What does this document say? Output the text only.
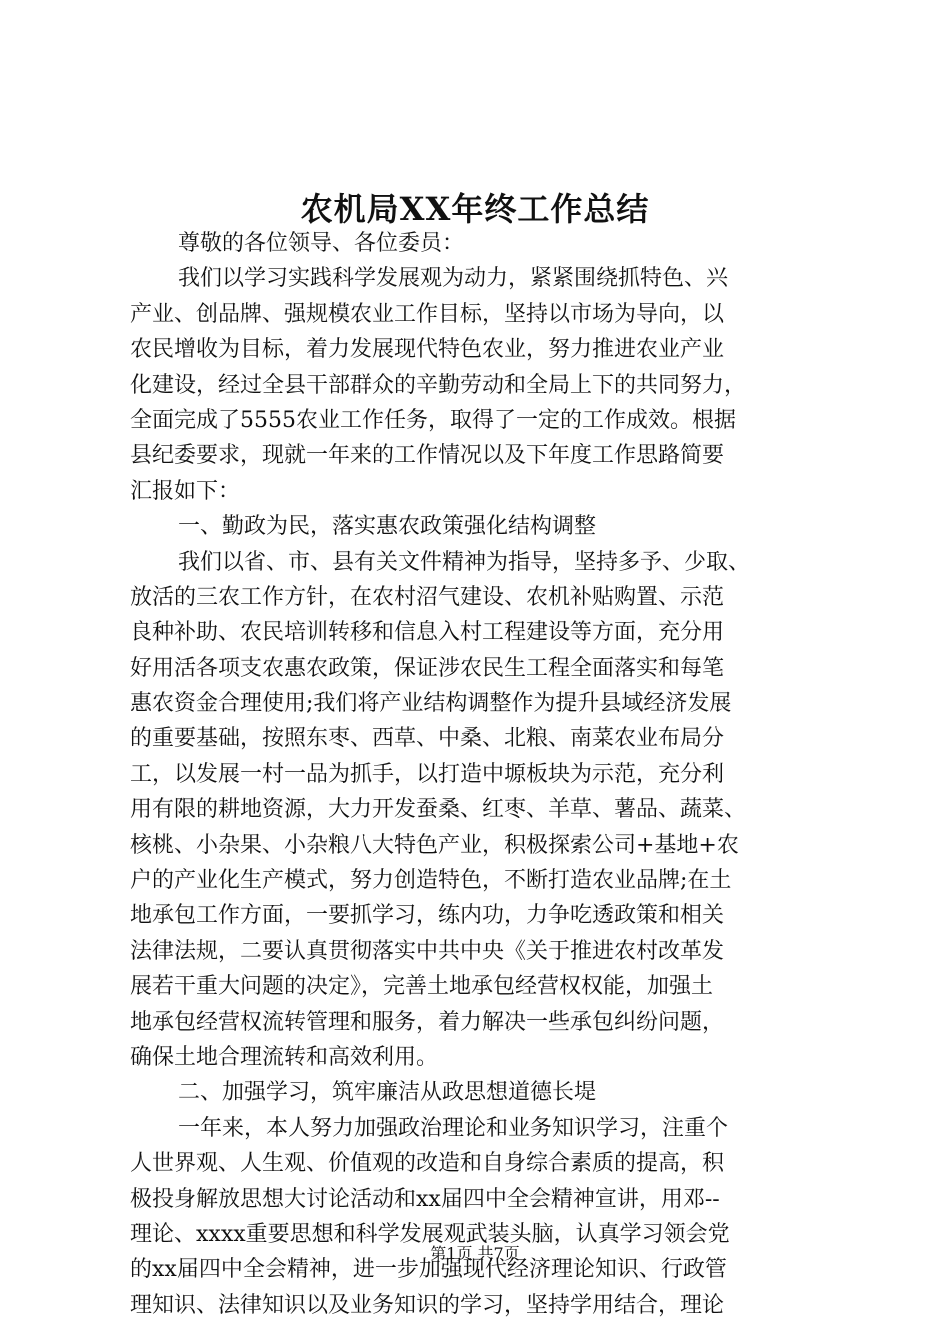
农机局XX年终工作总结
尊敬的各位领导、各位委员：
我们以学习实践科学发展观为动力，紧紧围绕抓特色、兴
产业、创品牌、强规模农业工作目标，坚持以市场为导向，以
农民增收为目标，着力发展现代特色农业，努力推进农业产业
化建设，经过全县干部群众的辛勤劳动和全局上下的共同努力，
全面完成了5555农业工作任务，取得了一定的工作成效。根据
县纪委要求，现就一年来的工作情况以及下年度工作思路简要
汇报如下：
一、勤政为民，落实惠农政策强化结构调整
我们以省、市、县有关文件精神为指导，坚持多予、少取、
放活的三农工作方针，在农村沼气建设、农机补贴购置、示范
良种补助、农民培训转移和信息入村工程建设等方面，充分用
好用活各项支农惠农政策，保证涉农民生工程全面落实和每笔
惠农资金合理使用;我们将产业结构调整作为提升县域经济发展
的重要基础，按照东枣、西草、中桑、北粮、南菜农业布局分
工，以发展一村一品为抓手，以打造中塬板块为示范，充分利
用有限的耕地资源，大力开发蚕桑、红枣、羊草、薯品、蔬菜、
核桃、小杂果、小杂粮八大特色产业，积极探索公司+基地+农
户的产业化生产模式，努力创造特色，不断打造农业品牌;在土
地承包工作方面，一要抓学习，练内功，力争吃透政策和相关
法律法规，二要认真贯彻落实中共中央《关于推进农村改革发
展若干重大问题的决定》，完善土地承包经营权权能，加强土
地承包经营权流转管理和服务，着力解决一些承包纠纷问题，
确保土地合理流转和高效利用。
二、加强学习，筑牢廉洁从政思想道德长堤
一年来，本人努力加强政治理论和业务知识学习，注重个
人世界观、人生观、价值观的改造和自身综合素质的提高，积
极投身解放思想大讨论活动和xx届四中全会精神宣讲，用邓--
理论、xxxx重要思想和科学发展观武装头脑，认真学习领会党
的xx届四中全会精神，进一步加强现代经济理论知识、行政管
理知识、法律知识以及业务知识的学习，坚持学用结合，理论
第1页 共7页
